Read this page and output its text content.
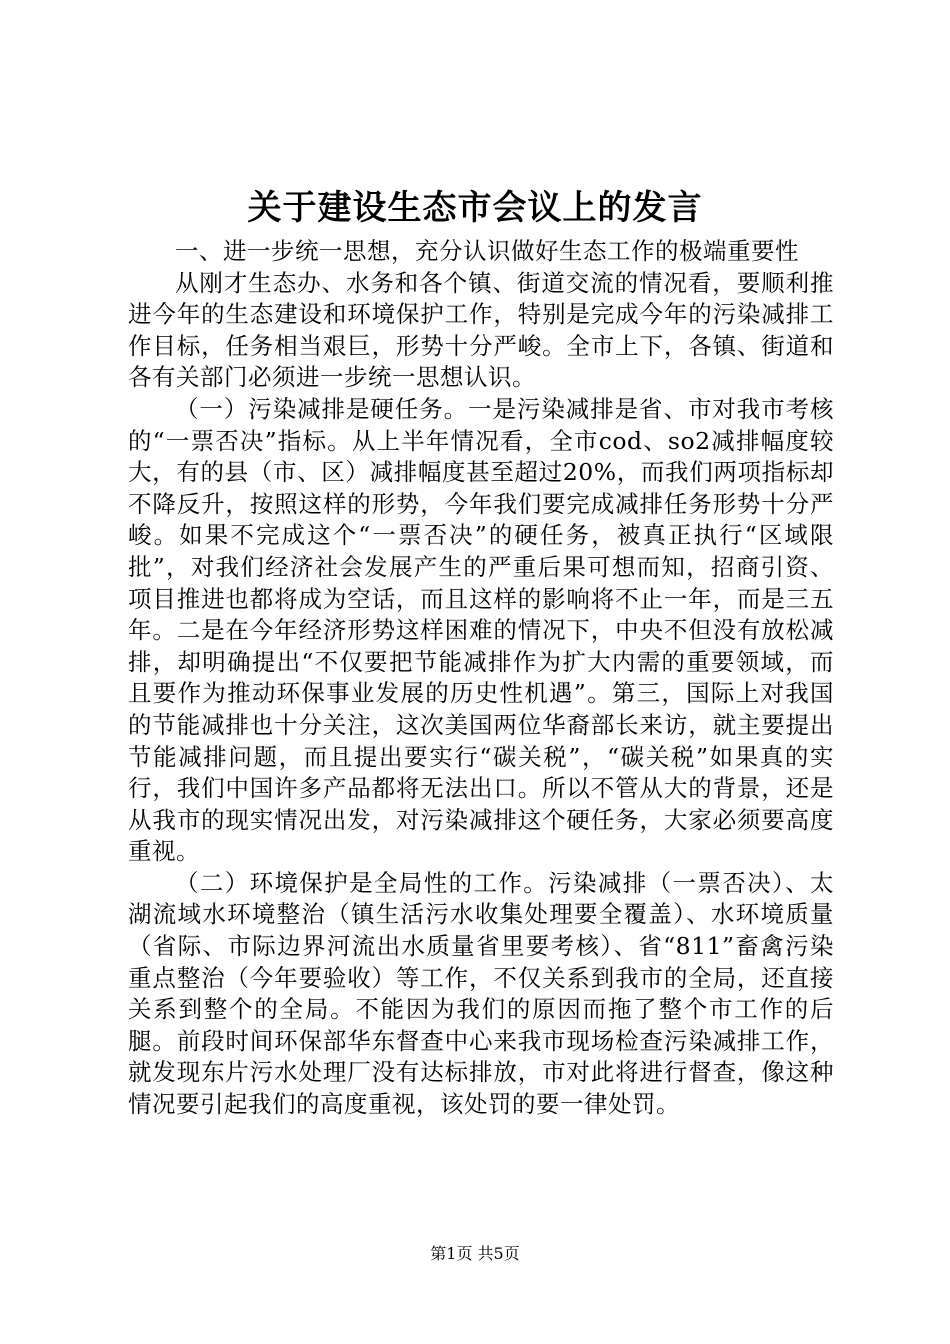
关于建设生态市会议上的发言

一、进一步统一思想，充分认识做好生态工作的极端重要性

从刚才生态办、水务和各个镇、街道交流的情况看，要顺利推进今年的生态建设和环境保护工作，特别是完成今年的污染减排工作目标，任务相当艰巨，形势十分严峻。全市上下，各镇、街道和各有关部门必须进一步统一思想认识。

（一）污染减排是硬任务。一是污染减排是省、市对我市考核的“一票否决”指标。从上半年情况看，全市cod、so2减排幅度较大，有的县（市、区）减排幅度甚至超过20%，而我们两项指标却不降反升，按照这样的形势，今年我们要完成减排任务形势十分严峻。如果不完成这个“一票否决”的硬任务，被真正执行“区域限批”，对我们经济社会发展产生的严重后果可想而知，招商引资、项目推进也都将成为空话，而且这样的影响将不止一年，而是三五年。二是在今年经济形势这样困难的情况下，中央不但没有放松减排，却明确提出“不仅要把节能减排作为扩大内需的重要领域，而且要作为推动环保事业发展的历史性机遇”。第三，国际上对我国的节能减排也十分关注，这次美国两位华裔部长来访，就主要提出节能减排问题，而且提出要实行“碳关税”，“碳关税”如果真的实行，我们中国许多产品都将无法出口。所以不管从大的背景，还是从我市的现实情况出发，对污染减排这个硬任务，大家必须要高度重视。

（二）环境保护是全局性的工作。污染减排（一票否决）、太湖流域水环境整治（镇生活污水收集处理要全覆盖）、水环境质量（省际、市际边界河流出水质量省里要考核）、省“811”畜禽污染重点整治（今年要验收）等工作，不仅关系到我市的全局，还直接关系到整个的全局。不能因为我们的原因而拖了整个市工作的后腿。前段时间环保部华东督查中心来我市现场检查污染减排工作，就发现东片污水处理厂没有达标排放，市对此将进行督查，像这种情况要引起我们的高度重视，该处罚的要一律处罚。

第1页 共5页
